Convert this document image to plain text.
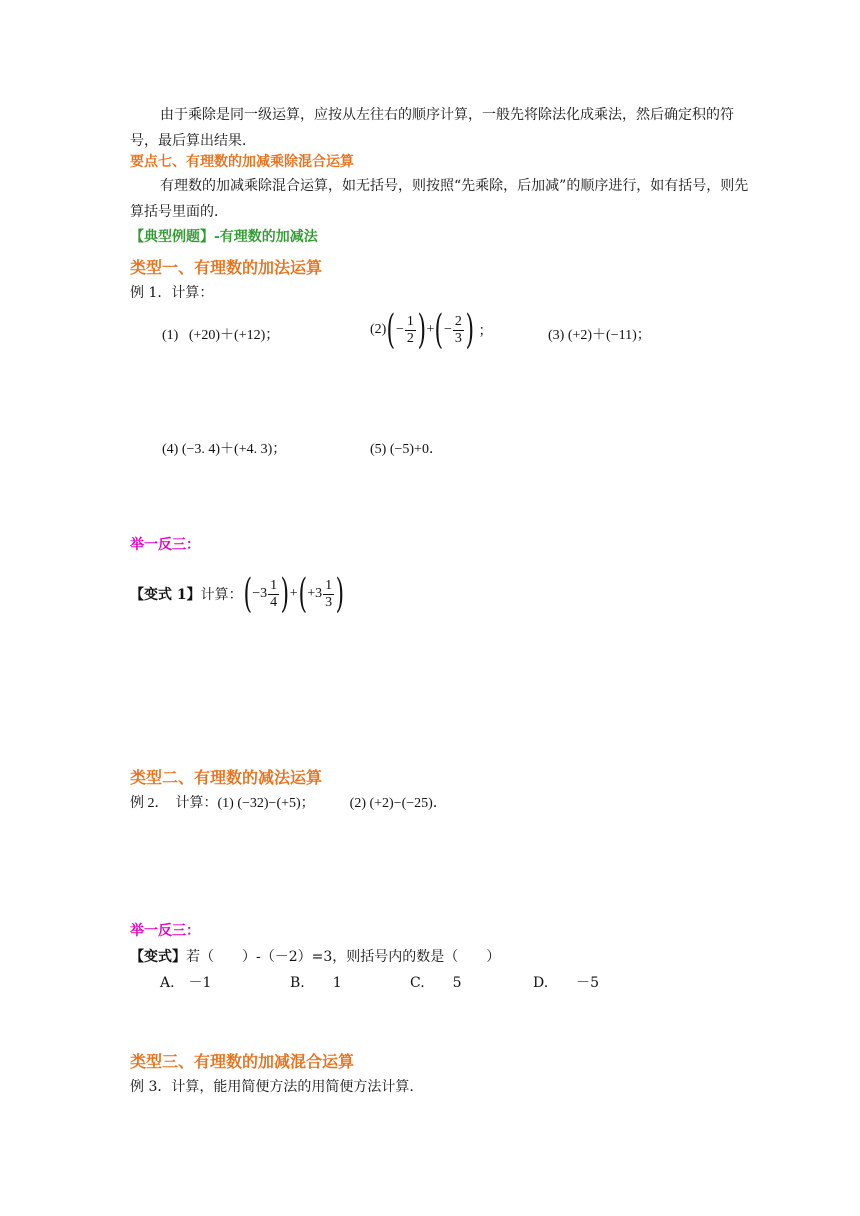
由于乘除是同一级运算，应按从左往右的顺序计算，一般先将除法化成乘法，然后确定积的符号，最后算出结果．
要点七、有理数的加减乘除混合运算
有理数的加减乘除混合运算，如无括号，则按照“先乘除，后加减”的顺序进行，如有括号，则先算括号里面的．
【典型例题】-有理数的加减法
类型一、有理数的加法运算
例 1．计算：
(1) (+20)＋(+12)；	(2) ( − $\frac{1}{2}$ ) + ( − $\frac{2}{3}$ ) ；	(3) (+2)＋(−11)；
(4) (−3. 4)＋(+4. 3)；	(5) (−5)+0．
举一反三：
【变式 1】 计算： ( $-3 \frac{1}{4}$ ) + ( $+3 \frac{1}{3}$ )
类型二、有理数的减法运算
例 2．　计算：(1) (−32)−(+5)；　　　(2) (+2)−(−25)．
举一反三：
【变式】若（　　）-（－2）=3，则括号内的数是（　　）
A.　－1	B.　　1	C.　　5	D.　　－5
类型三、有理数的加减混合运算
例 3．计算，能用简便方法的用简便方法计算.
